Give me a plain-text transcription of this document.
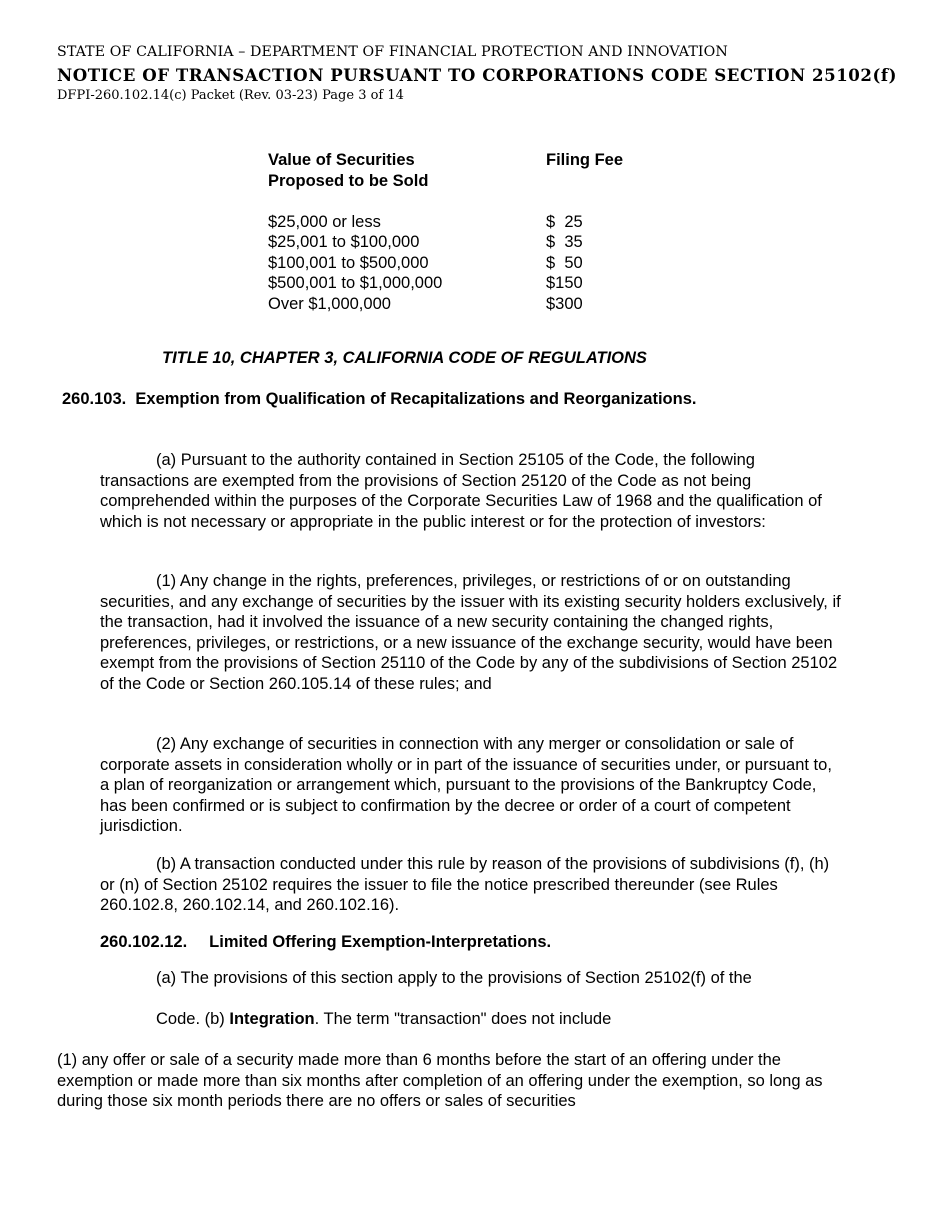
STATE OF CALIFORNIA – DEPARTMENT OF FINANCIAL PROTECTION AND INNOVATION
NOTICE OF TRANSACTION PURSUANT TO CORPORATIONS CODE SECTION 25102(f)
DFPI-260.102.14(c) Packet (Rev. 03-23) Page 3 of 14
Value of Securities
Proposed to be Sold
$25,000 or less
$25,001 to $100,000
$100,001 to $500,000
$500,001 to $1,000,000
Over $1,000,000
Filing Fee

$  25
$  35
$  50
$150
$300
TITLE 10, CHAPTER 3, CALIFORNIA CODE OF REGULATIONS
260.103.  Exemption from Qualification of Recapitalizations and Reorganizations.
(a) Pursuant to the authority contained in Section 25105 of the Code, the following transactions are exempted from the provisions of Section 25120 of the Code as not being comprehended within the purposes of the Corporate Securities Law of 1968 and the qualification of which is not necessary or appropriate in the public interest or for the protection of investors:
(1) Any change in the rights, preferences, privileges, or restrictions of or on outstanding securities, and any exchange of securities by the issuer with its existing security holders exclusively, if the transaction, had it involved the issuance of a new security containing the changed rights, preferences, privileges, or restrictions, or a new issuance of the exchange security, would have been exempt from the provisions of Section 25110 of the Code by any of the subdivisions of Section 25102 of the Code or Section 260.105.14 of these rules; and
(2) Any exchange of securities in connection with any merger or consolidation or sale of corporate assets in consideration wholly or in part of the issuance of securities under, or pursuant to, a plan of reorganization or arrangement which, pursuant to the provisions of the Bankruptcy Code, has been confirmed or is subject to confirmation by the decree or order of a court of competent jurisdiction.
(b) A transaction conducted under this rule by reason of the provisions of subdivisions (f), (h) or (n) of Section 25102 requires the issuer to file the notice prescribed thereunder (see Rules 260.102.8, 260.102.14, and 260.102.16).
260.102.12. Limited Offering Exemption-Interpretations.
(a) The provisions of this section apply to the provisions of Section 25102(f) of the
Code. (b) Integration. The term "transaction" does not include
(1) any offer or sale of a security made more than 6 months before the start of an offering under the exemption or made more than six months after completion of an offering under the exemption, so long as during those six month periods there are no offers or sales of securities
